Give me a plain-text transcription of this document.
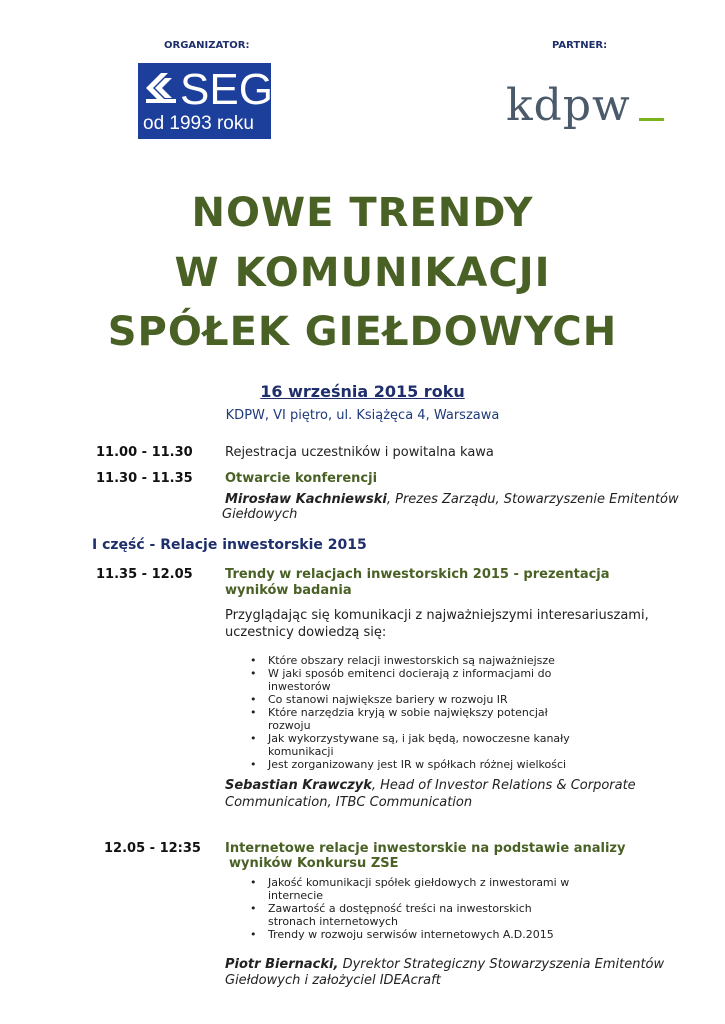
ORGANIZATOR:	PARTNER:
SEG
od 1993 roku	kdpw
NOWE TRENDY
W KOMUNIKACJI
SPÓŁEK GIEŁDOWYCH
16 września 2015 roku
KDPW, VI piętro, ul. Książęca 4, Warszawa
11.00 - 11.30 Rejestracja uczestników i powitalna kawa
11.30 - 11.35 Otwarcie konferencji
Mirosław Kachniewski, Prezes Zarządu, Stowarzyszenie Emitentów
Giełdowych
I część - Relacje inwestorskie 2015
11.35 - 12.05 Trendy w relacjach inwestorskich 2015 - prezentacja
wyników badania
Przyglądając się komunikacji z najważniejszymi interesariuszami,
uczestnicy dowiedzą się:
• Które obszary relacji inwestorskich są najważniejsze
• W jaki sposób emitenci docierają z informacjami do inwestorów
• Co stanowi największe bariery w rozwoju IR
• Które narzędzia kryją w sobie największy potencjał rozwoju
• Jak wykorzystywane są, i jak będą, nowoczesne kanały komunikacji
• Jest zorganizowany jest IR w spółkach różnej wielkości
Sebastian Krawczyk, Head of Investor Relations & Corporate
Communication, ITBC Communication
12.05 - 12:35 Internetowe relacje inwestorskie na podstawie analizy
wyników Konkursu ZSE
• Jakość komunikacji spółek giełdowych z inwestorami w internecie
• Zawartość a dostępność treści na inwestorskich stronach internetowych
• Trendy w rozwoju serwisów internetowych A.D.2015
Piotr Biernacki, Dyrektor Strategiczny Stowarzyszenia Emitentów
Giełdowych i założyciel IDEAcraft
